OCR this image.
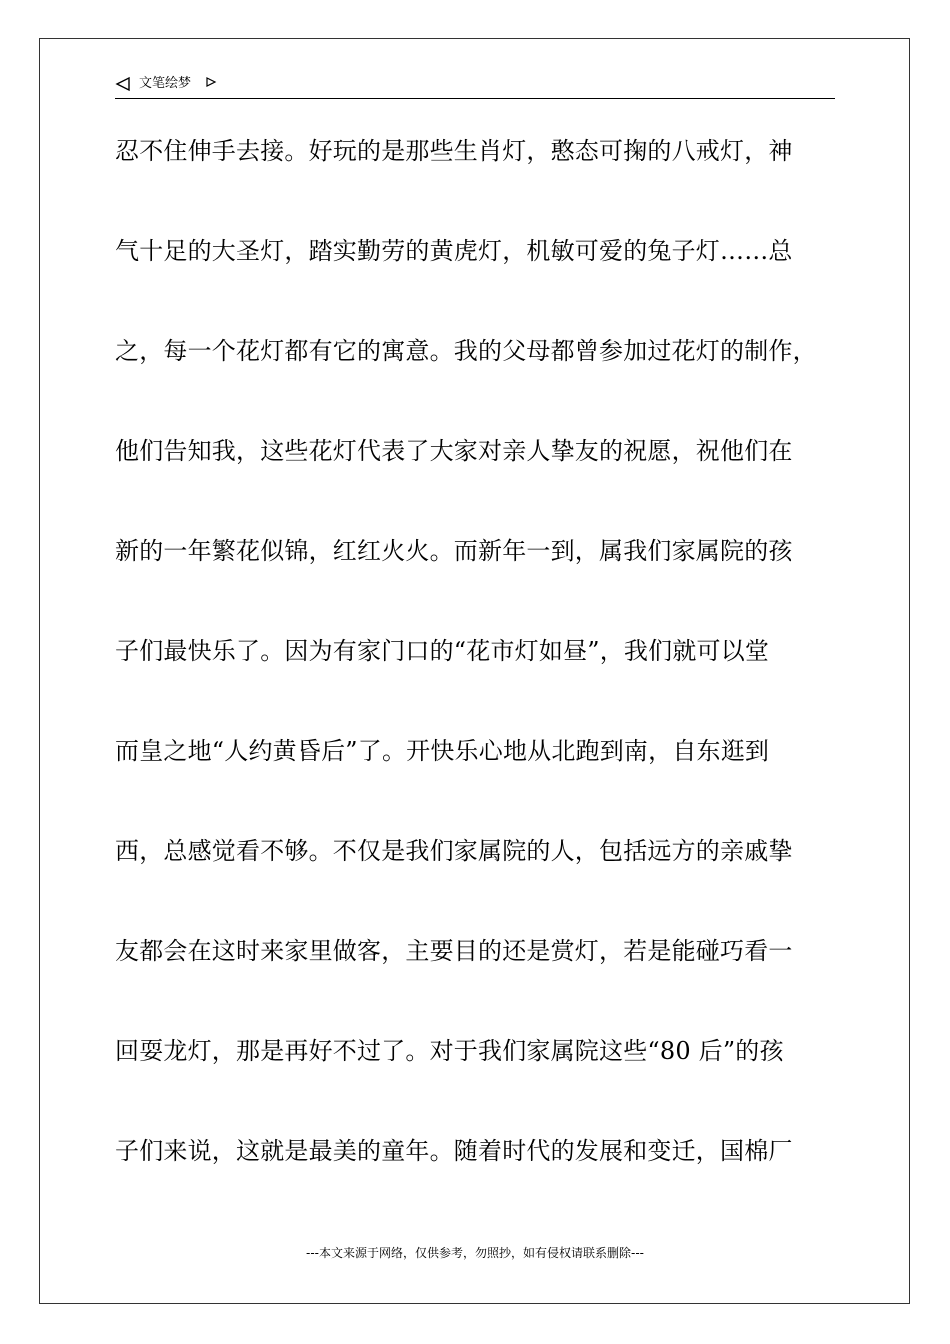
文笔绘梦
忍不住伸手去接。好玩的是那些生肖灯，憨态可掬的八戒灯，神
气十足的大圣灯，踏实勤劳的黄虎灯，机敏可爱的兔子灯……总
之，每一个花灯都有它的寓意。我的父母都曾参加过花灯的制作，
他们告知我，这些花灯代表了大家对亲人挚友的祝愿，祝他们在
新的一年繁花似锦，红红火火。而新年一到，属我们家属院的孩
子们最快乐了。因为有家门口的“花市灯如昼”，我们就可以堂
而皇之地“人约黄昏后”了。开快乐心地从北跑到南，自东逛到
西，总感觉看不够。不仅是我们家属院的人，包括远方的亲戚挚
友都会在这时来家里做客，主要目的还是赏灯，若是能碰巧看一
回耍龙灯，那是再好不过了。对于我们家属院这些“80 后”的孩
子们来说，这就是最美的童年。随着时代的发展和变迁，国棉厂
---本文来源于网络，仅供参考，勿照抄，如有侵权请联系删除---
